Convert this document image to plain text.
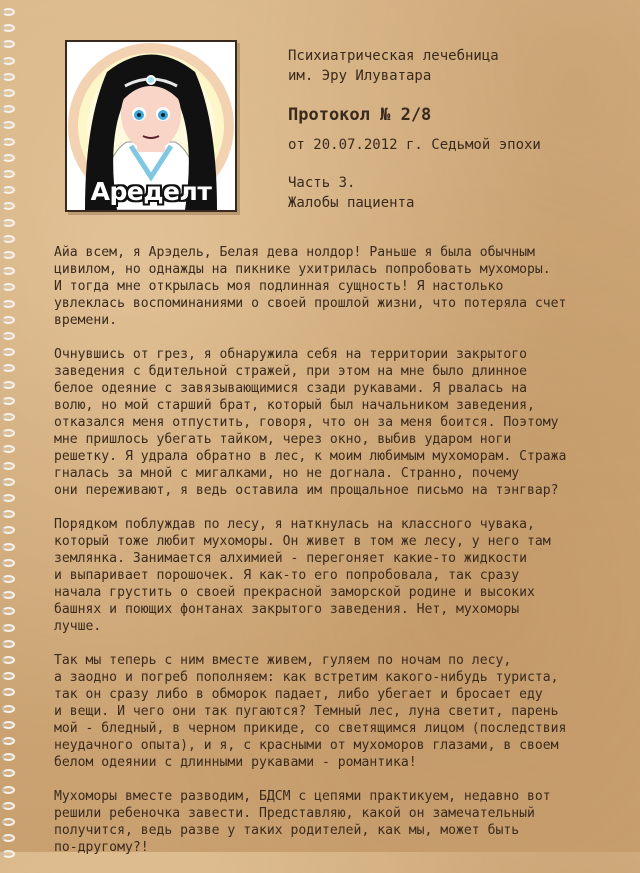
Аределт
Психиатрическая лечебница
им. Эру Илуватара
Протокол № 2/8
от 20.07.2012 г. Седьмой эпохи
Часть 3.
Жалобы пациента

Айа всем, я Арэдель, Белая дева нолдор! Раньше я была обычным
цивилом, но однажды на пикнике ухитрилась попробовать мухоморы.
И тогда мне открылась моя подлинная сущность! Я настолько
увлеклась воспоминаниями о своей прошлой жизни, что потеряла счет
времени.

Очнувшись от грез, я обнаружила себя на территории закрытого
заведения с бдительной стражей, при этом на мне было длинное
белое одеяние с завязывающимися сзади рукавами. Я рвалась на
волю, но мой старший брат, который был начальником заведения,
отказался меня отпустить, говоря, что он за меня боится. Поэтому
мне пришлось убегать тайком, через окно, выбив ударом ноги
решетку. Я удрала обратно в лес, к моим любимым мухоморам. Стража
гналась за мной с мигалками, но не догнала. Странно, почему
они переживают, я ведь оставила им прощальное письмо на тэнгвар?

Порядком поблуждав по лесу, я наткнулась на классного чувака,
который тоже любит мухоморы. Он живет в том же лесу, у него там
землянка. Занимается алхимией - перегоняет какие-то жидкости
и выпаривает порошочек. Я как-то его попробовала, так сразу
начала грустить о своей прекрасной заморской родине и высоких
башнях и поющих фонтанах закрытого заведения. Нет, мухоморы
лучше.

Так мы теперь с ним вместе живем, гуляем по ночам по лесу,
а заодно и погреб пополняем: как встретим какого-нибудь туриста,
так он сразу либо в обморок падает, либо убегает и бросает еду
и вещи. И чего они так пугаются? Темный лес, луна светит, парень
мой - бледный, в черном прикиде, со светящимся лицом (последствия
неудачного опыта), и я, с красными от мухоморов глазами, в своем
белом одеянии с длинными рукавами - романтика!

Мухоморы вместе разводим, БДСМ с цепями практикуем, недавно вот
решили ребеночка завести. Представляю, какой он замечательный
получится, ведь разве у таких родителей, как мы, может быть
по-другому?!
